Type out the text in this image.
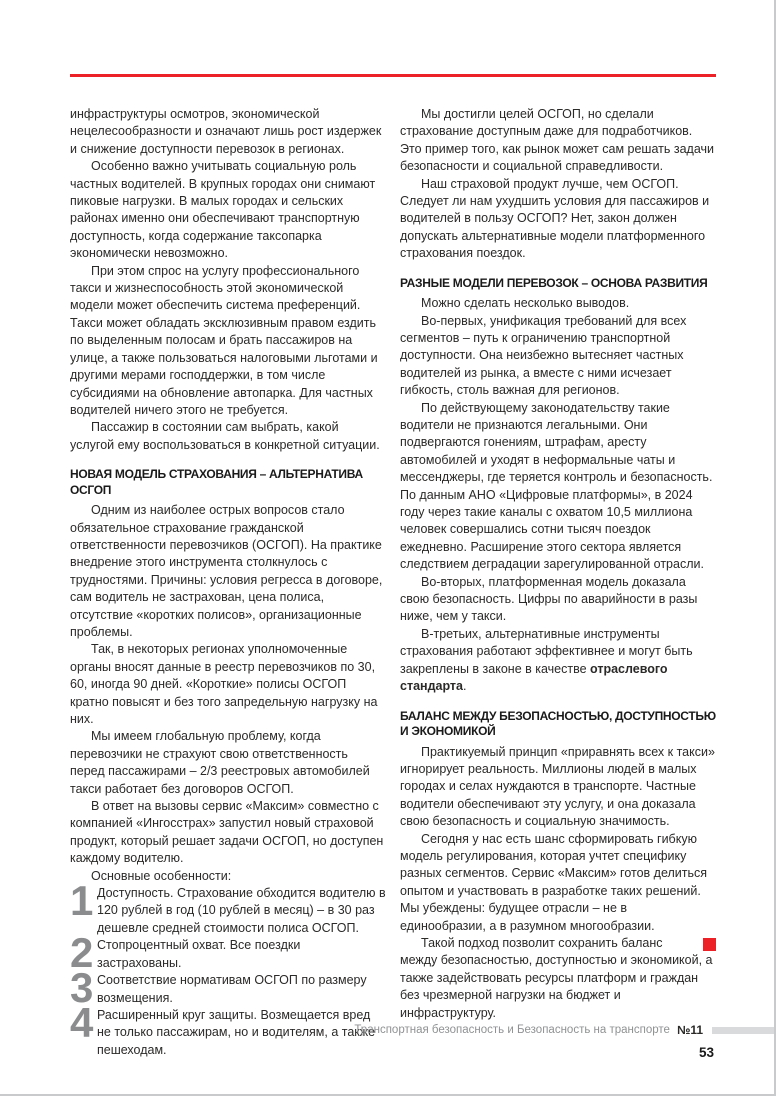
инфраструктуры осмотров, экономической нецелесообразности и означают лишь рост издержек и снижение доступности перевозок в регионах.

Особенно важно учитывать социальную роль частных водителей. В крупных городах они снимают пиковые нагрузки. В малых городах и сельских районах именно они обеспечивают транспортную доступность, когда содержание таксопарка экономически невозможно.

При этом спрос на услугу профессионального такси и жизнеспособность этой экономической модели может обеспечить система преференций. Такси может обладать эксклюзивным правом ездить по выделенным полосам и брать пассажиров на улице, а также пользоваться налоговыми льготами и другими мерами господдержки, в том числе субсидиями на обновление автопарка. Для частных водителей ничего этого не требуется.

Пассажир в состоянии сам выбрать, какой услугой ему воспользоваться в конкретной ситуации.

НОВАЯ МОДЕЛЬ СТРАХОВАНИЯ – АЛЬТЕРНАТИВА ОСГОП

Одним из наиболее острых вопросов стало обязательное страхование гражданской ответственности перевозчиков (ОСГОП). На практике внедрение этого инструмента столкнулось с трудностями. Причины: условия регресса в договоре, сам водитель не застрахован, цена полиса, отсутствие «коротких полисов», организационные проблемы.

Так, в некоторых регионах уполномоченные органы вносят данные в реестр перевозчиков по 30, 60, иногда 90 дней. «Короткие» полисы ОСГОП кратно повысят и без того запредельную нагрузку на них.

Мы имеем глобальную проблему, когда перевозчики не страхуют свою ответственность перед пассажирами – 2/3 реестровых автомобилей такси работает без договоров ОСГОП.

В ответ на вызовы сервис «Максим» совместно с компанией «Ингосстрах» запустил новый страховой продукт, который решает задачи ОСГОП, но доступен каждому водителю.

Основные особенности:

1 Доступность. Страхование обходится водителю в 120 рублей в год (10 рублей в месяц) – в 30 раз дешевле средней стоимости полиса ОСГОП.
2 Стопроцентный охват. Все поездки застрахованы.
3 Соответствие нормативам ОСГОП по размеру возмещения.
4 Расширенный круг защиты. Возмещается вред не только пассажирам, но и водителям, а также пешеходам.

Мы достигли целей ОСГОП, но сделали страхование доступным даже для подработчиков. Это пример того, как рынок может сам решать задачи безопасности и социальной справедливости.

Наш страховой продукт лучше, чем ОСГОП. Следует ли нам ухудшить условия для пассажиров и водителей в пользу ОСГОП? Нет, закон должен допускать альтернативные модели платформенного страхования поездок.

РАЗНЫЕ МОДЕЛИ ПЕРЕВОЗОК – ОСНОВА РАЗВИТИЯ

Можно сделать несколько выводов.

Во-первых, унификация требований для всех сегментов – путь к ограничению транспортной доступности. Она неизбежно вытесняет частных водителей из рынка, а вместе с ними исчезает гибкость, столь важная для регионов.

По действующему законодательству такие водители не признаются легальными. Они подвергаются гонениям, штрафам, аресту автомобилей и уходят в неформальные чаты и мессенджеры, где теряется контроль и безопасность. По данным АНО «Цифровые платформы», в 2024 году через такие каналы с охватом 10,5 миллиона человек совершались сотни тысяч поездок ежедневно. Расширение этого сектора является следствием деградации зарегулированной отрасли.

Во-вторых, платформенная модель доказала свою безопасность. Цифры по аварийности в разы ниже, чем у такси.

В-третьих, альтернативные инструменты страхования работают эффективнее и могут быть закреплены в законе в качестве отраслевого стандарта.

БАЛАНС МЕЖДУ БЕЗОПАСНОСТЬЮ, ДОСТУПНОСТЬЮ И ЭКОНОМИКОЙ

Практикуемый принцип «приравнять всех к такси» игнорирует реальность. Миллионы людей в малых городах и селах нуждаются в транспорте. Частные водители обеспечивают эту услугу, и она доказала свою безопасность и социальную значимость.

Сегодня у нас есть шанс сформировать гибкую модель регулирования, которая учтет специфику разных сегментов. Сервис «Максим» готов делиться опытом и участвовать в разработке таких решений. Мы убеждены: будущее отрасли – не в единообразии, а в разумном многообразии.

Такой подход позволит сохранить баланс между безопасностью, доступностью и экономикой, а также задействовать ресурсы платформ и граждан без чрезмерной нагрузки на бюджет и инфраструктуру.

Транспортная безопасность и Безопасность на транспорте №11
53
